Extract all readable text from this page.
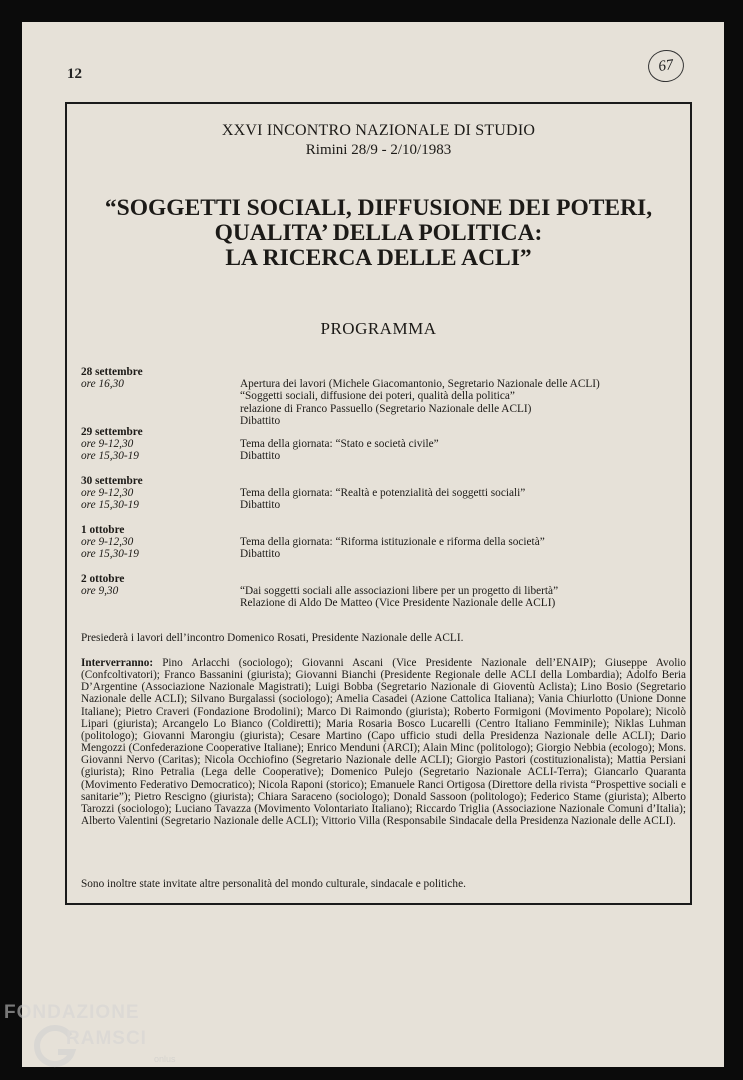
12	67
XXVI INCONTRO NAZIONALE DI STUDIO
Rimini 28/9 - 2/10/1983
“SOGGETTI SOCIALI, DIFFUSIONE DEI POTERI,
QUALITA’ DELLA POLITICA:
LA RICERCA DELLE ACLI”
PROGRAMMA
28 settembre
ore 16,30	Apertura dei lavori (Michele Giacomantonio, Segretario Nazionale delle ACLI)
“Soggetti sociali, diffusione dei poteri, qualità della politica”
relazione di Franco Passuello (Segretario Nazionale delle ACLI)
Dibattito
29 settembre
ore 9-12,30	Tema della giornata: “Stato e società civile”
ore 15,30-19	Dibattito
30 settembre
ore 9-12,30	Tema della giornata: “Realtà e potenzialità dei soggetti sociali”
ore 15,30-19	Dibattito
1 ottobre
ore 9-12,30	Tema della giornata: “Riforma istituzionale e riforma della società”
ore 15,30-19	Dibattito
2 ottobre
ore 9,30	“Dai soggetti sociali alle associazioni libere per un progetto di libertà”
Relazione di Aldo De Matteo (Vice Presidente Nazionale delle ACLI)
Presiederà i lavori dell’incontro Domenico Rosati, Presidente Nazionale delle ACLI.
Interverranno: Pino Arlacchi (sociologo); Giovanni Ascani (Vice Presidente Nazionale dell’ENAIP); Giuseppe Avolio (Confcoltivatori); Franco Bassanini (giurista); Giovanni Bianchi (Presidente Regionale delle ACLI della Lombardia); Adolfo Beria D’Argentine (Associazione Nazionale Magistrati); Luigi Bobba (Segretario Nazionale di Gioventù Aclista); Lino Bosio (Segretario Nazionale delle ACLI); Silvano Burgalassi (sociologo); Amelia Casadei (Azione Cattolica Italiana); Vania Chiurlotto (Unione Donne Italiane); Pietro Craveri (Fondazione Brodolini); Marco Di Raimondo (giurista); Roberto Formigoni (Movimento Popolare); Nicolò Lipari (giurista); Arcangelo Lo Bianco (Coldiretti); Maria Rosaria Bosco Lucarelli (Centro Italiano Femminile); Niklas Luhman (politologo); Giovanni Marongiu (giurista); Cesare Martino (Capo ufficio studi della Presidenza Nazionale delle ACLI); Dario Mengozzi (Confederazione Cooperative Italiane); Enrico Menduni (ARCI); Alain Minc (politologo); Giorgio Nebbia (ecologo); Mons. Giovanni Nervo (Caritas); Nicola Occhiofino (Segretario Nazionale delle ACLI); Giorgio Pastori (costituzionalista); Mattia Persiani (giurista); Rino Petralia (Lega delle Cooperative); Domenico Pulejo (Segretario Nazionale ACLI-Terra); Giancarlo Quaranta (Movimento Federativo Democratico); Nicola Raponi (storico); Emanuele Ranci Ortigosa (Direttore della rivista “Prospettive sociali e sanitarie”); Pietro Rescigno (giurista); Chiara Saraceno (sociologo); Donald Sassoon (politologo); Federico Stame (giurista); Alberto Tarozzi (sociologo); Luciano Tavazza (Movimento Volontariato Italiano); Riccardo Triglia (Associazione Nazionale Comuni d’Italia); Alberto Valentini (Segretario Nazionale delle ACLI); Vittorio Villa (Responsabile Sindacale della Presidenza Nazionale delle ACLI).
Sono inoltre state invitate altre personalità del mondo culturale, sindacale e politiche.
FONDAZIONE
RAMSCI
onlus
